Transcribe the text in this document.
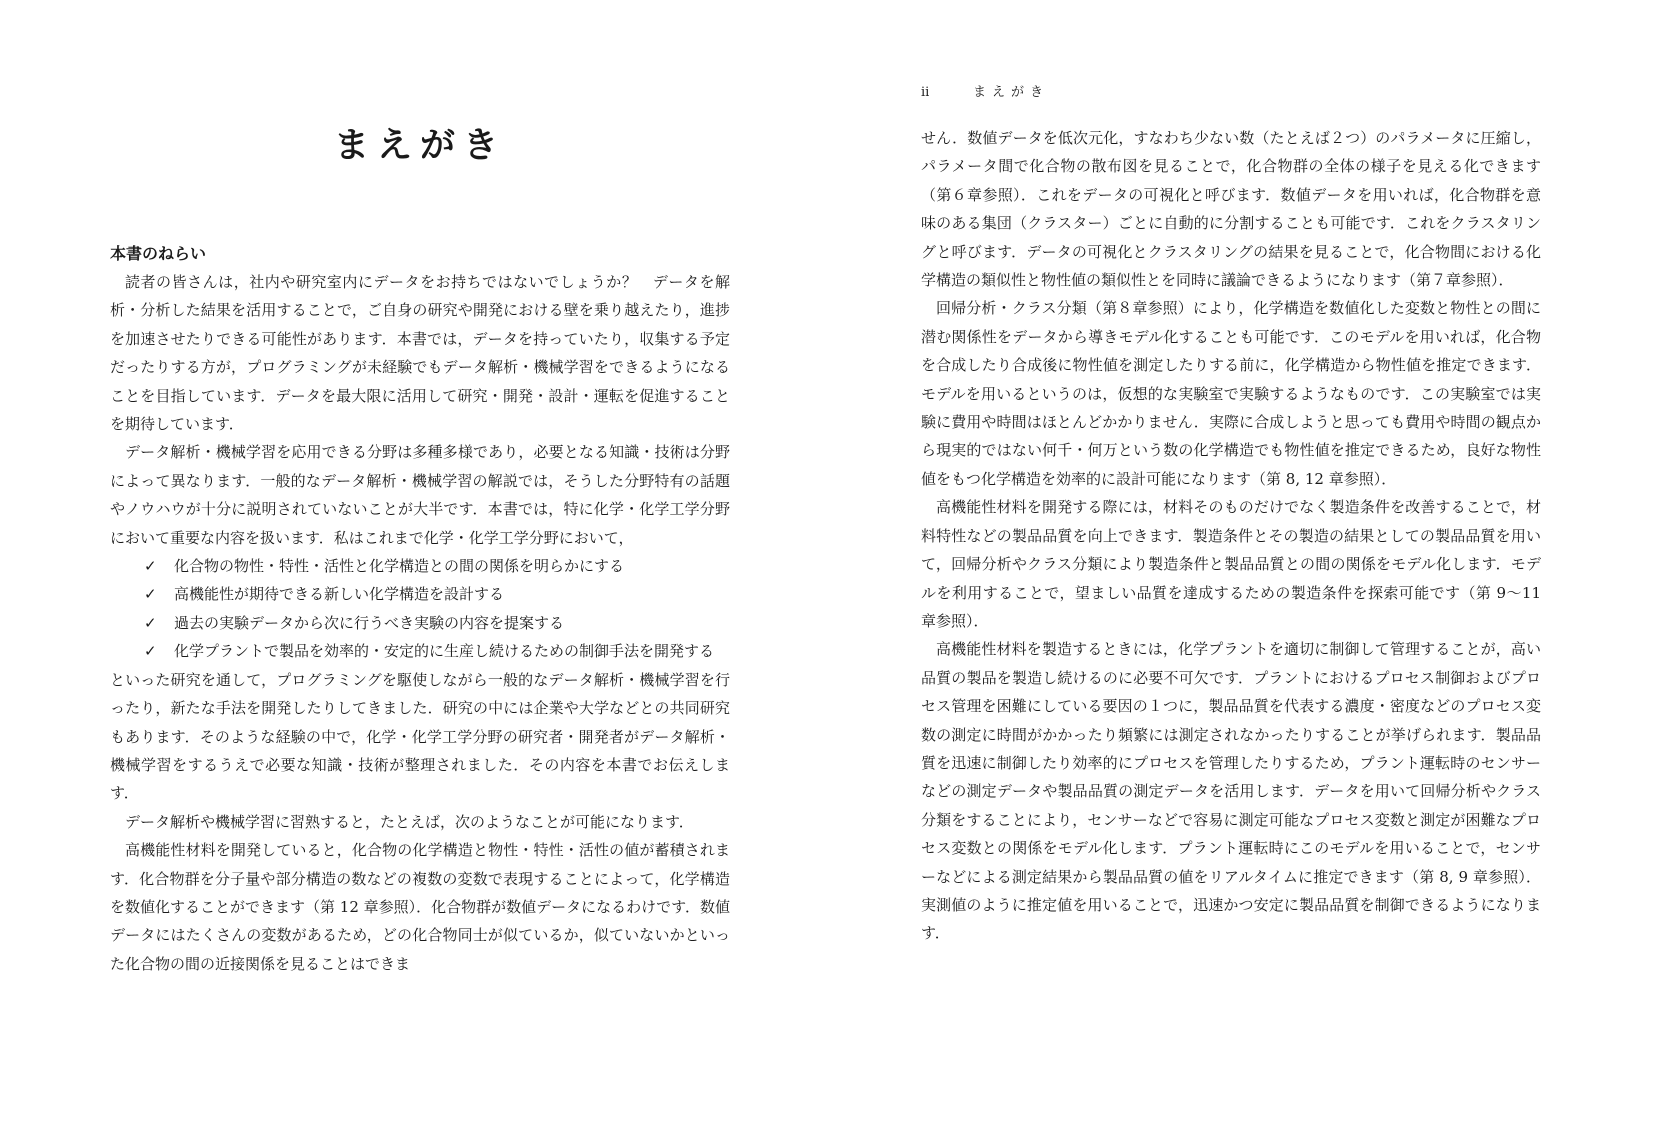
まえがき
本書のねらい

読者の皆さんは，社内や研究室内にデータをお持ちではないでしょうか？　データを解析・分析した結果を活用することで，ご自身の研究や開発における壁を乗り越えたり，進捗を加速させたりできる可能性があります．本書では，データを持っていたり，収集する予定だったりする方が，プログラミングが未経験でもデータ解析・機械学習をできるようになることを目指しています．データを最大限に活用して研究・開発・設計・運転を促進することを期待しています．

データ解析・機械学習を応用できる分野は多種多様であり，必要となる知識・技術は分野によって異なります．一般的なデータ解析・機械学習の解説では，そうした分野特有の話題やノウハウが十分に説明されていないことが大半です．本書では，特に化学・化学工学分野において重要な内容を扱います．私はこれまで化学・化学工学分野において，

✓ 化合物の物性・特性・活性と化学構造との間の関係を明らかにする
✓ 高機能性が期待できる新しい化学構造を設計する
✓ 過去の実験データから次に行うべき実験の内容を提案する
✓ 化学プラントで製品を効率的・安定的に生産し続けるための制御手法を開発する

といった研究を通して，プログラミングを駆使しながら一般的なデータ解析・機械学習を行ったり，新たな手法を開発したりしてきました．研究の中には企業や大学などとの共同研究もあります．そのような経験の中で，化学・化学工学分野の研究者・開発者がデータ解析・機械学習をするうえで必要な知識・技術が整理されました．その内容を本書でお伝えします．

データ解析や機械学習に習熟すると，たとえば，次のようなことが可能になります．

高機能性材料を開発していると，化合物の化学構造と物性・特性・活性の値が蓄積されます．化合物群を分子量や部分構造の数などの複数の変数で表現することによって，化学構造を数値化することができます（第 12 章参照）．化合物群が数値データになるわけです．数値データにはたくさんの変数があるため，どの化合物同士が似ているか，似ていないかといった化合物の間の近接関係を見ることはできま

ii	まえがき

せん．数値データを低次元化，すなわち少ない数（たとえば２つ）のパラメータに圧縮し，パラメータ間で化合物の散布図を見ることで，化合物群の全体の様子を見える化できます（第６章参照）．これをデータの可視化と呼びます．数値データを用いれば，化合物群を意味のある集団（クラスター）ごとに自動的に分割することも可能です．これをクラスタリングと呼びます．データの可視化とクラスタリングの結果を見ることで，化合物間における化学構造の類似性と物性値の類似性とを同時に議論できるようになります（第７章参照）．

回帰分析・クラス分類（第８章参照）により，化学構造を数値化した変数と物性との間に潜む関係性をデータから導きモデル化することも可能です．このモデルを用いれば，化合物を合成したり合成後に物性値を測定したりする前に，化学構造から物性値を推定できます．モデルを用いるというのは，仮想的な実験室で実験するようなものです．この実験室では実験に費用や時間はほとんどかかりません．実際に合成しようと思っても費用や時間の観点から現実的ではない何千・何万という数の化学構造でも物性値を推定できるため，良好な物性値をもつ化学構造を効率的に設計可能になります（第 8, 12 章参照）．

高機能性材料を開発する際には，材料そのものだけでなく製造条件を改善することで，材料特性などの製品品質を向上できます．製造条件とその製造の結果としての製品品質を用いて，回帰分析やクラス分類により製造条件と製品品質との間の関係をモデル化します．モデルを利用することで，望ましい品質を達成するための製造条件を探索可能です（第 9～11 章参照）．

高機能性材料を製造するときには，化学プラントを適切に制御して管理することが，高い品質の製品を製造し続けるのに必要不可欠です．プラントにおけるプロセス制御およびプロセス管理を困難にしている要因の１つに，製品品質を代表する濃度・密度などのプロセス変数の測定に時間がかかったり頻繁には測定されなかったりすることが挙げられます．製品品質を迅速に制御したり効率的にプロセスを管理したりするため，プラント運転時のセンサーなどの測定データや製品品質の測定データを活用します．データを用いて回帰分析やクラス分類をすることにより，センサーなどで容易に測定可能なプロセス変数と測定が困難なプロセス変数との関係をモデル化します．プラント運転時にこのモデルを用いることで，センサーなどによる測定結果から製品品質の値をリアルタイムに推定できます（第 8, 9 章参照）．実測値のように推定値を用いることで，迅速かつ安定に製品品質を制御できるようになります．
